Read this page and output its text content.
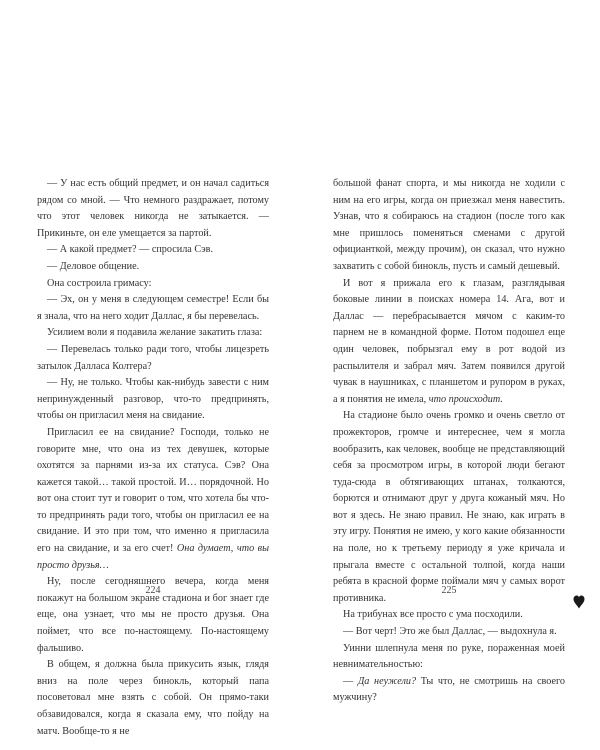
— У нас есть общий предмет, и он начал садиться рядом со мной. — Что немного раздражает, потому что этот человек никогда не затыкается. — Прикиньте, он еле умещается за партой.

— А какой предмет? — спросила Сэв.

— Деловое общение.

Она состроила гримасу:

— Эх, он у меня в следующем семестре! Если бы я знала, что на него ходит Даллас, я бы перевелась.

Усилием воли я подавила желание закатить глаза:

— Перевелась только ради того, чтобы лицезреть затылок Далласа Колтера?

— Ну, не только. Чтобы как-нибудь завести с ним непринужденный разговор, что-то предпринять, чтобы он пригласил меня на свидание.

Пригласил ее на свидание? Господи, только не говорите мне, что она из тех девушек, которые охотятся за парнями из-за их статуса. Сэв? Она кажется такой… такой простой. И… порядочной. Но вот она стоит тут и говорит о том, что хотела бы что-то предпринять ради того, чтобы он пригласил ее на свидание. И это при том, что именно я пригласила его на свидание, и за его счет! Она думает, что вы просто друзья…

Ну, после сегодняшнего вечера, когда меня покажут на большом экране стадиона и бог знает где еще, она узнает, что мы не просто друзья. Она поймет, что все по-настоящему. По-настоящему фальшиво.

В общем, я должна была прикусить язык, глядя вниз на поле через бинокль, который папа посоветовал мне взять с собой. Он прямо-таки обзавидовался, когда я сказала ему, что пойду на матч. Вообще-то я не

224

большой фанат спорта, и мы никогда не ходили с ним на его игры, когда он приезжал меня навестить. Узнав, что я собираюсь на стадион (после того как мне пришлось поменяться сменами с другой официанткой, между прочим), он сказал, что нужно захватить с собой бинокль, пусть и самый дешевый.

И вот я прижала его к глазам, разглядывая боковые линии в поисках номера 14. Ага, вот и Даллас — перебрасывается мячом с каким-то парнем не в командной форме. Потом подошел еще один человек, побрызгал ему в рот водой из распылителя и забрал мяч. Затем появился другой чувак в наушниках, с планшетом и рупором в руках, а я понятия не имела, что происходит.

На стадионе было очень громко и очень светло от прожекторов, громче и интереснее, чем я могла вообразить, как человек, вообще не представляющий себя за просмотром игры, в которой люди бегают туда-сюда в обтягивающих штанах, толкаются, борются и отнимают друг у друга кожаный мяч. Но вот я здесь. Не знаю правил. Не знаю, как играть в эту игру. Понятия не имею, у кого какие обязанности на поле, но к третьему периоду я уже кричала и прыгала вместе с остальной толпой, когда наши ребята в красной форме поймали мяч у самых ворот противника.

На трибунах все просто с ума посходили.

— Вот черт! Это же был Даллас, — выдохнула я.

Уинни шлепнула меня по руке, пораженная моей невнимательностью:

— Да неужели? Ты что, не смотришь на своего мужчину?

225
